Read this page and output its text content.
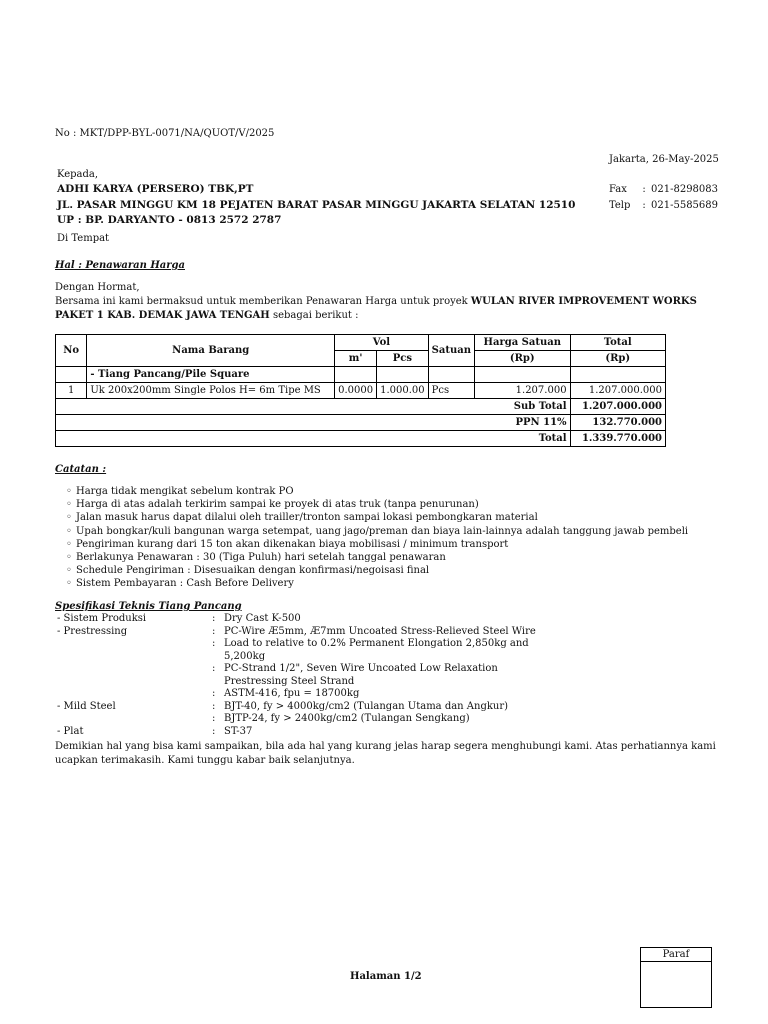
No : MKT/DPP-BYL-0071/NA/QUOT/V/2025
Jakarta, 26-May-2025
Kepada,
ADHI KARYA (PERSERO) TBK,PT
JL. PASAR MINGGU KM 18 PEJATEN BARAT PASAR MINGGU JAKARTA SELATAN 12510
UP : BP. DARYANTO - 0813 2572 2787
Di Tempat
Fax	: 021-8298083
Telp	: 021-5585689
Hal : Penawaran Harga
Dengan Hormat,
Bersama ini kami bermaksud untuk memberikan Penawaran Harga untuk proyek WULAN RIVER IMPROVEMENT WORKS PAKET 1 KAB. DEMAK JAWA TENGAH sebagai berikut :
No	Nama Barang	Vol		Satuan	Harga Satuan	Total
		m'	Pcs		(Rp)	(Rp)
	- Tiang Pancang/Pile Square					
1	Uk 200x200mm Single Polos H= 6m Tipe MS	0.0000	1.000.00	Pcs	1.207.000	1.207.000.000
Sub Total						1.207.000.000
PPN 11%						132.770.000
Total						1.339.770.000
Catatan :
◦ Harga tidak mengikat sebelum kontrak PO
◦ Harga di atas adalah terkirim sampai ke proyek di atas truk (tanpa penurunan)
◦ Jalan masuk harus dapat dilalui oleh trailler/tronton sampai lokasi pembongkaran material
◦ Upah bongkar/kuli bangunan warga setempat, uang jago/preman dan biaya lain-lainnya adalah tanggung jawab pembeli
◦ Pengiriman kurang dari 15 ton akan dikenakan biaya mobilisasi / minimum transport
◦ Berlakunya Penawaran : 30 (Tiga Puluh) hari setelah tanggal penawaran
◦ Schedule Pengiriman : Disesuaikan dengan konfirmasi/negoisasi final
◦ Sistem Pembayaran : Cash Before Delivery
Spesifikasi Teknis Tiang Pancang
- Sistem Produksi	: Dry Cast K-500
- Prestressing	: PC-Wire Æ5mm, Æ7mm Uncoated Stress-Relieved Steel Wire
: Load to relative to 0.2% Permanent Elongation 2,850kg and 5,200kg
: PC-Strand 1/2", Seven Wire Uncoated Low Relaxation Prestressing Steel Strand
: ASTM-416, fpu = 18700kg
- Mild Steel	: BJT-40, fy > 4000kg/cm2 (Tulangan Utama dan Angkur)
: BJTP-24, fy > 2400kg/cm2 (Tulangan Sengkang)
- Plat	: ST-37
Demikian hal yang bisa kami sampaikan, bila ada hal yang kurang jelas harap segera menghubungi kami. Atas perhatiannya kami ucapkan terimakasih. Kami tunggu kabar baik selanjutnya.
Halaman 1/2
Paraf
